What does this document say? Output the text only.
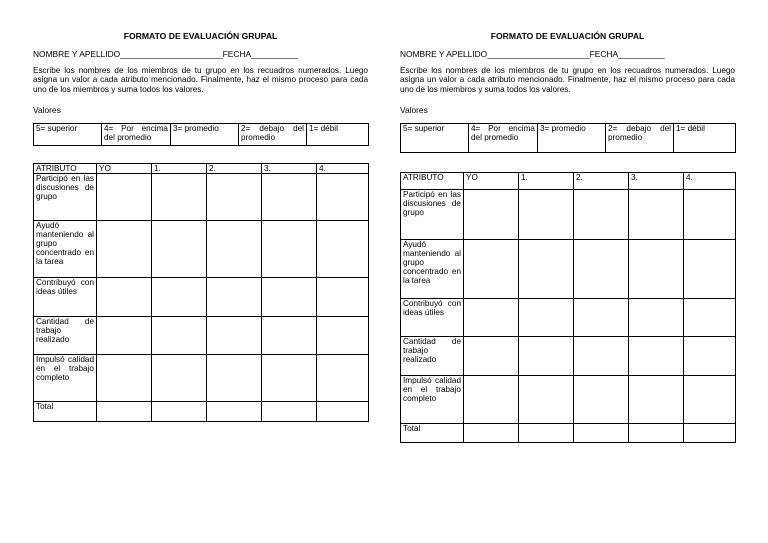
FORMATO DE EVALUACIÓN GRUPAL
NOMBRE Y APELLIDO______________________FECHA__________
Escribe los nombres de los miembros de tu grupo en los recuadros numerados. Luego asigna un valor a cada atributo mencionado. Finalmente, haz el mismo proceso para cada uno de los miembros y suma todos los valores.
Valores
5= superior	4= Por encima del promedio	3= promedio	2= debajo del promedio	1= débil
ATRIBUTO	YO	1.	2.	3.	4.
Participó en las discusiones de grupo					
Ayudó manteniendo al grupo concentrado en la tarea					
Contribuyó con ideas útiles					
Cantidad de trabajo realizado					
Impulsó calidad en el trabajo completo					
Total					
FORMATO DE EVALUACIÓN GRUPAL
NOMBRE Y APELLIDO______________________FECHA__________
Escribe los nombres de los miembros de tu grupo en los recuadros numerados. Luego asigna un valor a cada atributo mencionado. Finalmente, haz el mismo proceso para cada uno de los miembros y suma todos los valores.
Valores
5= superior	4= Por encima del promedio	3= promedio	2= debajo del promedio	1= débil
ATRIBUTO	YO	1.	2.	3.	4.
Participó en las discusiones de grupo					
Ayudó manteniendo al grupo concentrado en la tarea					
Contribuyó con ideas útiles					
Cantidad de trabajo realizado					
Impulsó calidad en el trabajo completo					
Total					
